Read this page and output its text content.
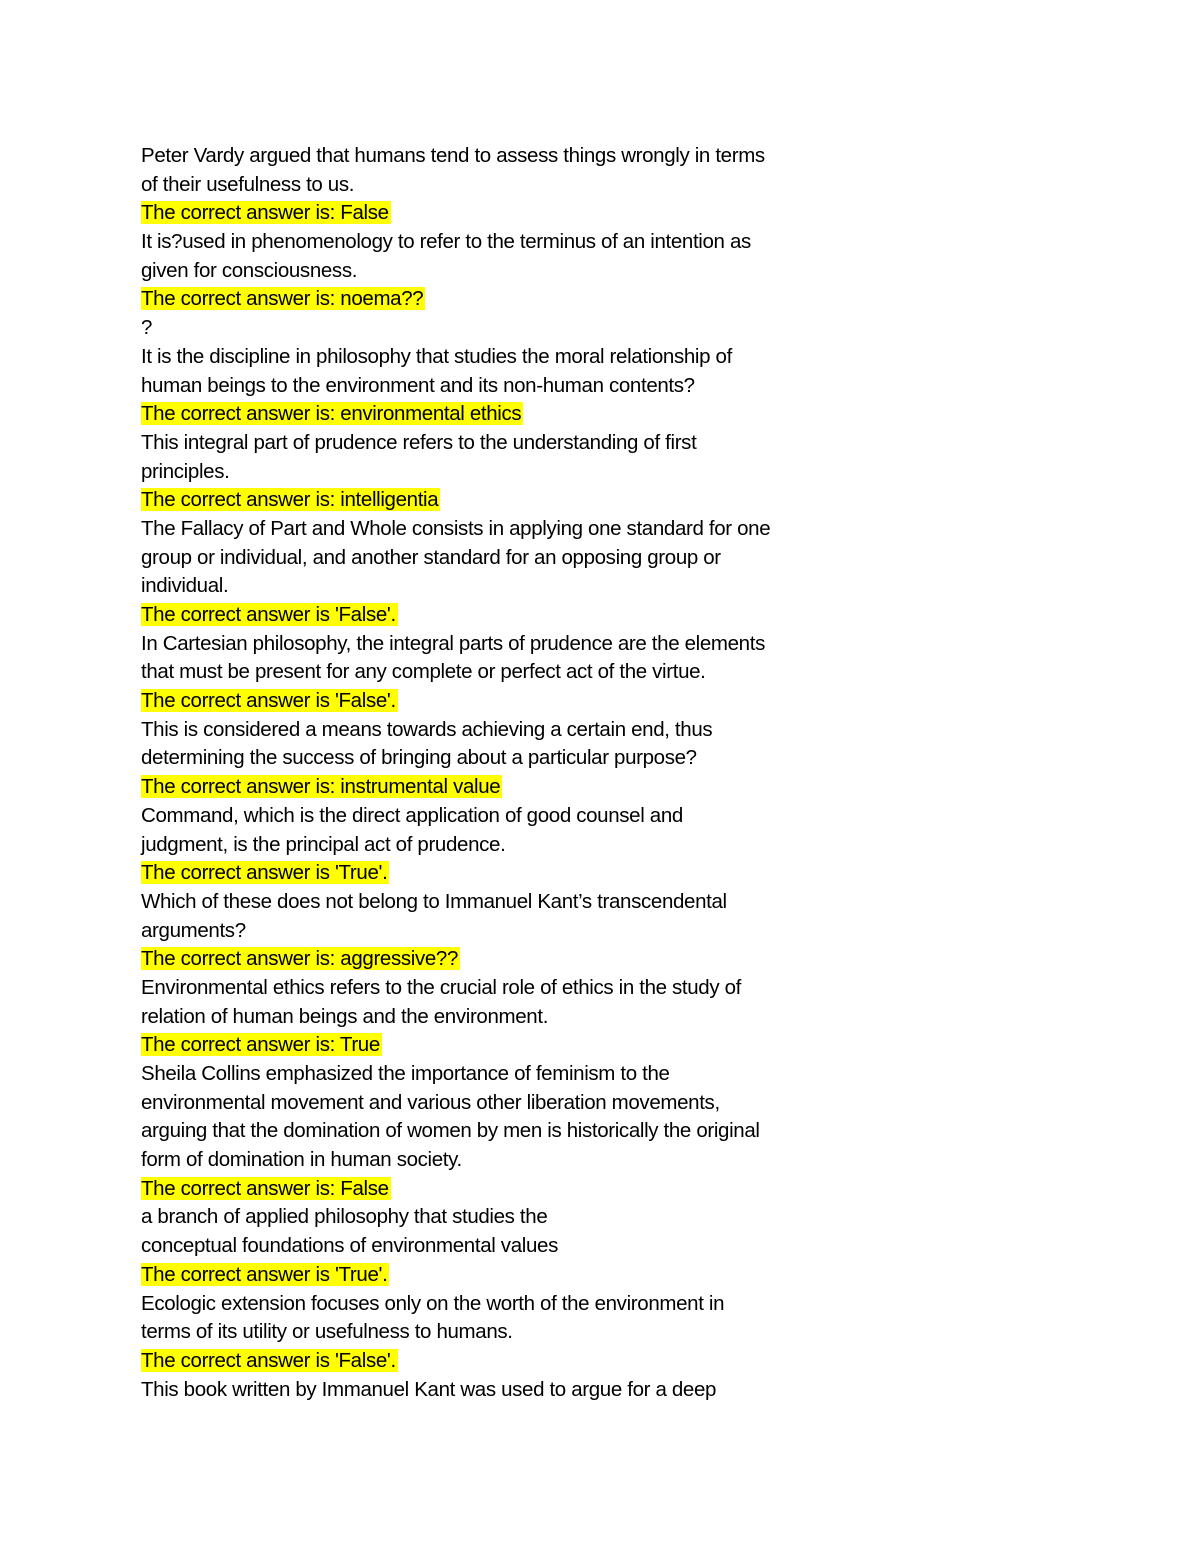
Peter Vardy argued that humans tend to assess things wrongly in terms
of their usefulness to us.
The correct answer is: False
It is?used in phenomenology to refer to the terminus of an intention as
given for consciousness.
The correct answer is: noema??
?
It is the discipline in philosophy that studies the moral relationship of
human beings to the environment and its non-human contents?
The correct answer is: environmental ethics
This integral part of prudence refers to the understanding of first
principles.
The correct answer is: intelligentia
The Fallacy of Part and Whole consists in applying one standard for one
group or individual, and another standard for an opposing group or
individual.
The correct answer is 'False'.
In Cartesian philosophy, the integral parts of prudence are the elements
that must be present for any complete or perfect act of the virtue.
The correct answer is 'False'.
This is considered a means towards achieving a certain end, thus
determining the success of bringing about a particular purpose?
The correct answer is: instrumental value
Command, which is the direct application of good counsel and
judgment, is the principal act of prudence.
The correct answer is 'True'.
Which of these does not belong to Immanuel Kant’s transcendental
arguments?
The correct answer is: aggressive??
Environmental ethics refers to the crucial role of ethics in the study of
relation of human beings and the environment.
The correct answer is: True
Sheila Collins emphasized the importance of feminism to the
environmental movement and various other liberation movements,
arguing that the domination of women by men is historically the original
form of domination in human society.
The correct answer is: False
a branch of applied philosophy that studies the
conceptual foundations of environmental values
The correct answer is 'True'.
Ecologic extension focuses only on the worth of the environment in
terms of its utility or usefulness to humans.
The correct answer is 'False'.
This book written by Immanuel Kant was used to argue for a deep
